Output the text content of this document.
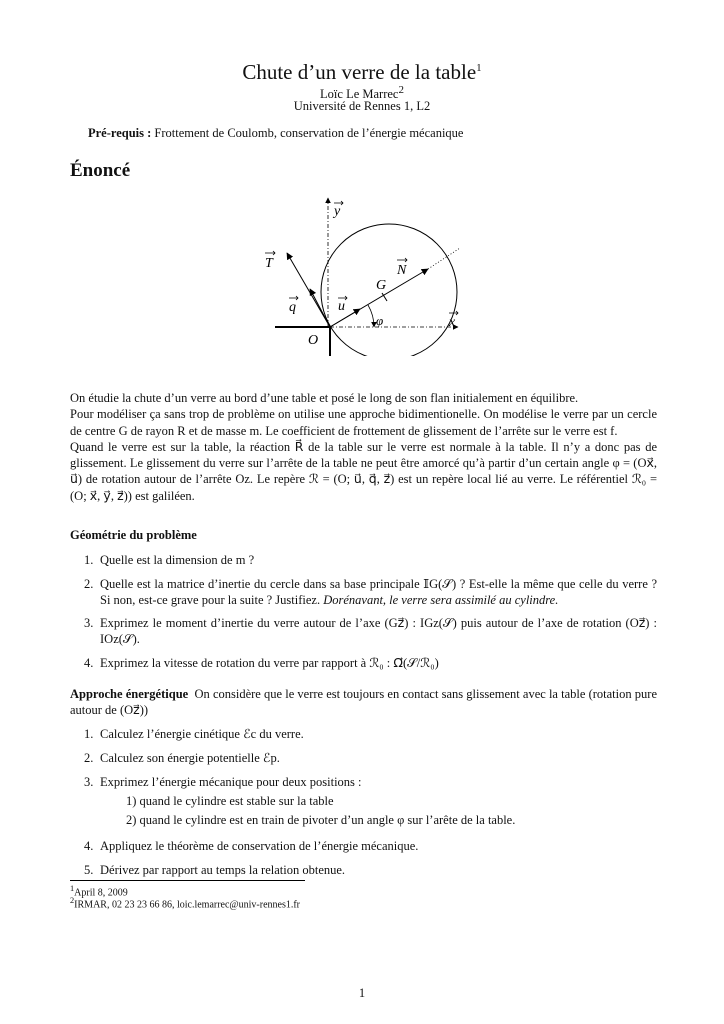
Chute d’un verre de la table$^1$
Loïc Le Marrec$^2$
Université de Rennes 1, L2
Pré-requis : Frottement de Coulomb, conservation de l’énergie mécanique
Énoncé
y
x
T	N
G
q	u
φ
O

On étudie la chute d’un verre au bord d’une table et posé le long de son flan initialement en équilibre.

Pour modéliser ça sans trop de problème on utilise une approche bidimentionelle. On modélise le verre par un cercle de centre G de rayon R et de masse m. Le coefficient de frottement de glissement de l’arrête sur le verre est f.

Quand le verre est sur la table, la réaction R⃗ de la table sur le verre est normale à la table. Il n’y a donc pas de glissement. Le glissement du verre sur l’arrête de la table ne peut être amorcé qu’à partir d’un certain angle φ = (Ox⃗, u⃗) de rotation autour de l’arrête Oz. Le repère ℛ = (O; u⃗, q⃗, z⃗) est un repère local lié au verre. Le référentiel ℛ₀ = (O; x⃗, y⃗, z⃗)) est galiléen.

Géométrie du problème
1. Quelle est la dimension de m ?
2. Quelle est la matrice d’inertie du cercle dans sa base principale 𝕀G(𝒮) ? Est-elle la même que celle du verre ? Si non, est-ce grave pour la suite ? Justifiez. Dorénavant, le verre sera assimilé au cylindre.
3. Exprimez le moment d’inertie du verre autour de l’axe (Gz⃗) : IGz(𝒮) puis autour de l’axe de rotation (Oz⃗) : IOz(𝒮).
4. Exprimez la vitesse de rotation du verre par rapport à ℛ₀ : Ω⃗(𝒮/ℛ₀)
Approche énergétique On considère que le verre est toujours en contact sans glissement avec la table (rotation pure autour de (Oz⃗))
1. Calculez l’énergie cinétique ℰc du verre.
2. Calculez son énergie potentielle ℰp.
3. Exprimez l’énergie mécanique pour deux positions :
1) quand le cylindre est stable sur la table
2) quand le cylindre est en train de pivoter d’un angle φ sur l’arête de la table.
4. Appliquez le théorème de conservation de l’énergie mécanique.
5. Dérivez par rapport au temps la relation obtenue.
$^1$April 8, 2009
$^2$IRMAR, 02 23 23 66 86, loic.lemarrec@univ-rennes1.fr
1
